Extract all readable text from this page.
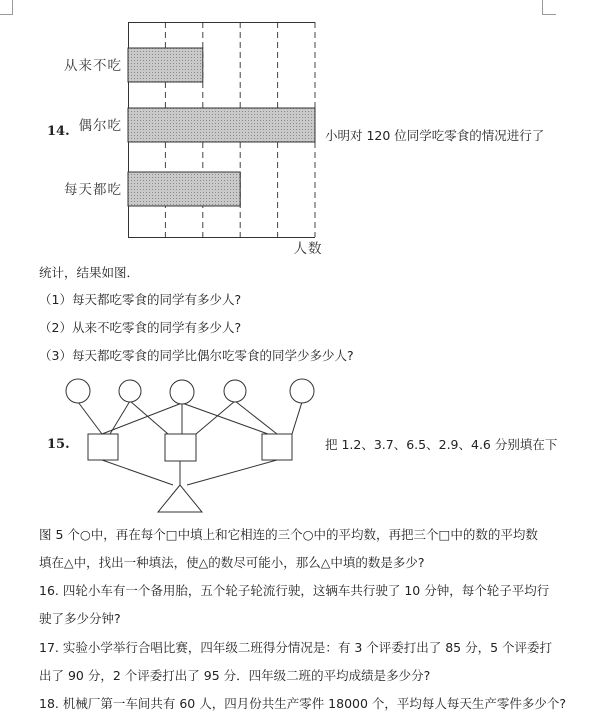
14.
从来不吃
偶尔吃
每天都吃
人数
小明对 120 位同学吃零食的情况进行了
统计，结果如图．
（1）每天都吃零食的同学有多少人?
（2）从来不吃零食的同学有多少人?
（3）每天都吃零食的同学比偶尔吃零食的同学少多少人?
15.	把 1.2、3.7、6.5、2.9、4.6 分别填在下
图 5 个○中，再在每个□中填上和它相连的三个○中的平均数，再把三个□中的数的平均数
填在△中，找出一种填法，使△的数尽可能小，那么△中填的数是多少?
16. 四轮小车有一个备用胎，五个轮子轮流行驶，这辆车共行驶了 10 分钟，每个轮子平均行
驶了多少分钟?
17. 实验小学举行合唱比赛，四年级二班得分情况是：有 3 个评委打出了 85 分，5 个评委打
出了 90 分，2 个评委打出了 95 分．四年级二班的平均成绩是多少分?
18. 机械厂第一车间共有 60 人，四月份共生产零件 18000 个，平均每人每天生产零件多少个?
